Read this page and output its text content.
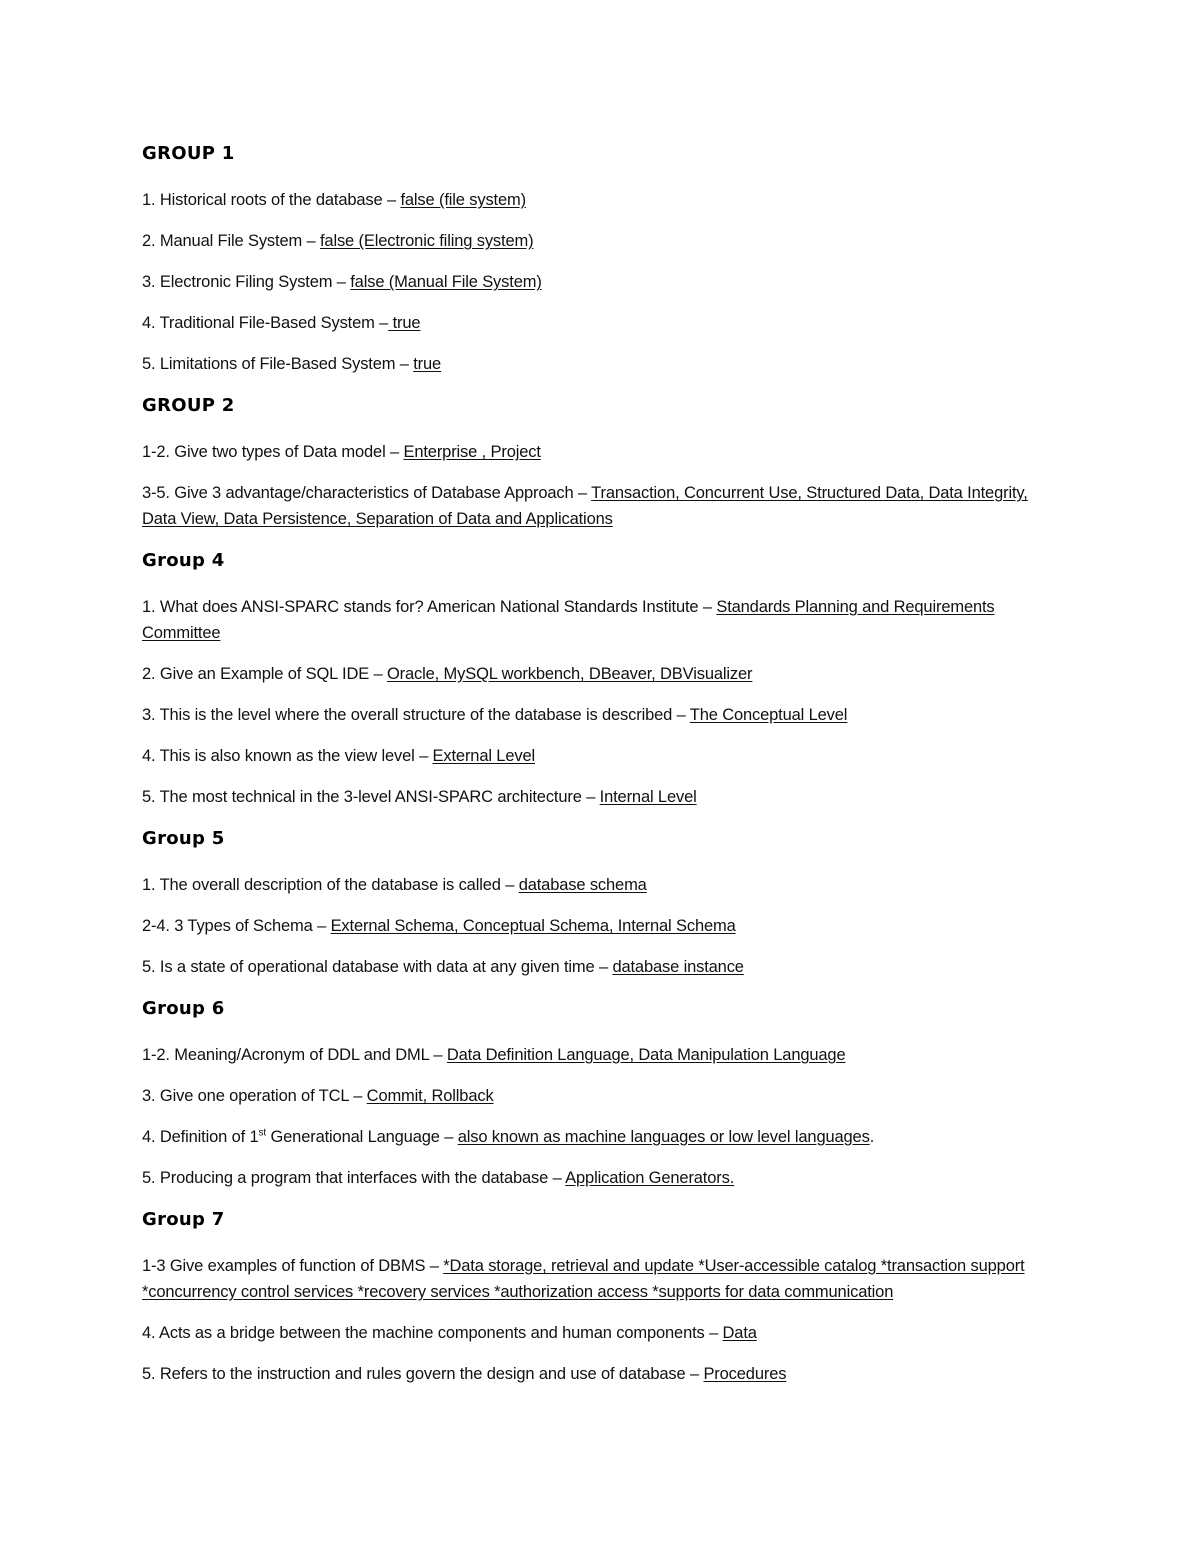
GROUP 1
1. Historical roots of the database – false (file system)
2. Manual File System – false (Electronic filing system)
3. Electronic Filing System – false (Manual File System)
4. Traditional File-Based System – true
5. Limitations of File-Based System – true
GROUP 2
1-2. Give two types of Data model – Enterprise , Project
3-5. Give 3 advantage/characteristics of Database Approach – Transaction, Concurrent Use, Structured Data, Data Integrity, Data View, Data Persistence, Separation of Data and Applications
Group 4
1. What does ANSI-SPARC stands for? American National Standards Institute – Standards Planning and Requirements Committee
2. Give an Example of SQL IDE – Oracle, MySQL workbench, DBeaver, DBVisualizer
3. This is the level where the overall structure of the database is described – The Conceptual Level
4. This is also known as the view level – External Level
5. The most technical in the 3-level ANSI-SPARC architecture – Internal Level
Group 5
1. The overall description of the database is called – database schema
2-4. 3 Types of Schema – External Schema, Conceptual Schema, Internal Schema
5. Is a state of operational database with data at any given time – database instance
Group 6
1-2. Meaning/Acronym of DDL and DML – Data Definition Language, Data Manipulation Language
3. Give one operation of TCL – Commit, Rollback
4. Definition of 1st Generational Language – also known as machine languages or low level languages.
5. Producing a program that interfaces with the database – Application Generators.
Group 7
1-3 Give examples of function of DBMS – *Data storage, retrieval and update *User-accessible catalog *transaction support *concurrency control services *recovery services *authorization access *supports for data communication
4. Acts as a bridge between the machine components and human components – Data
5. Refers to the instruction and rules govern the design and use of database – Procedures
